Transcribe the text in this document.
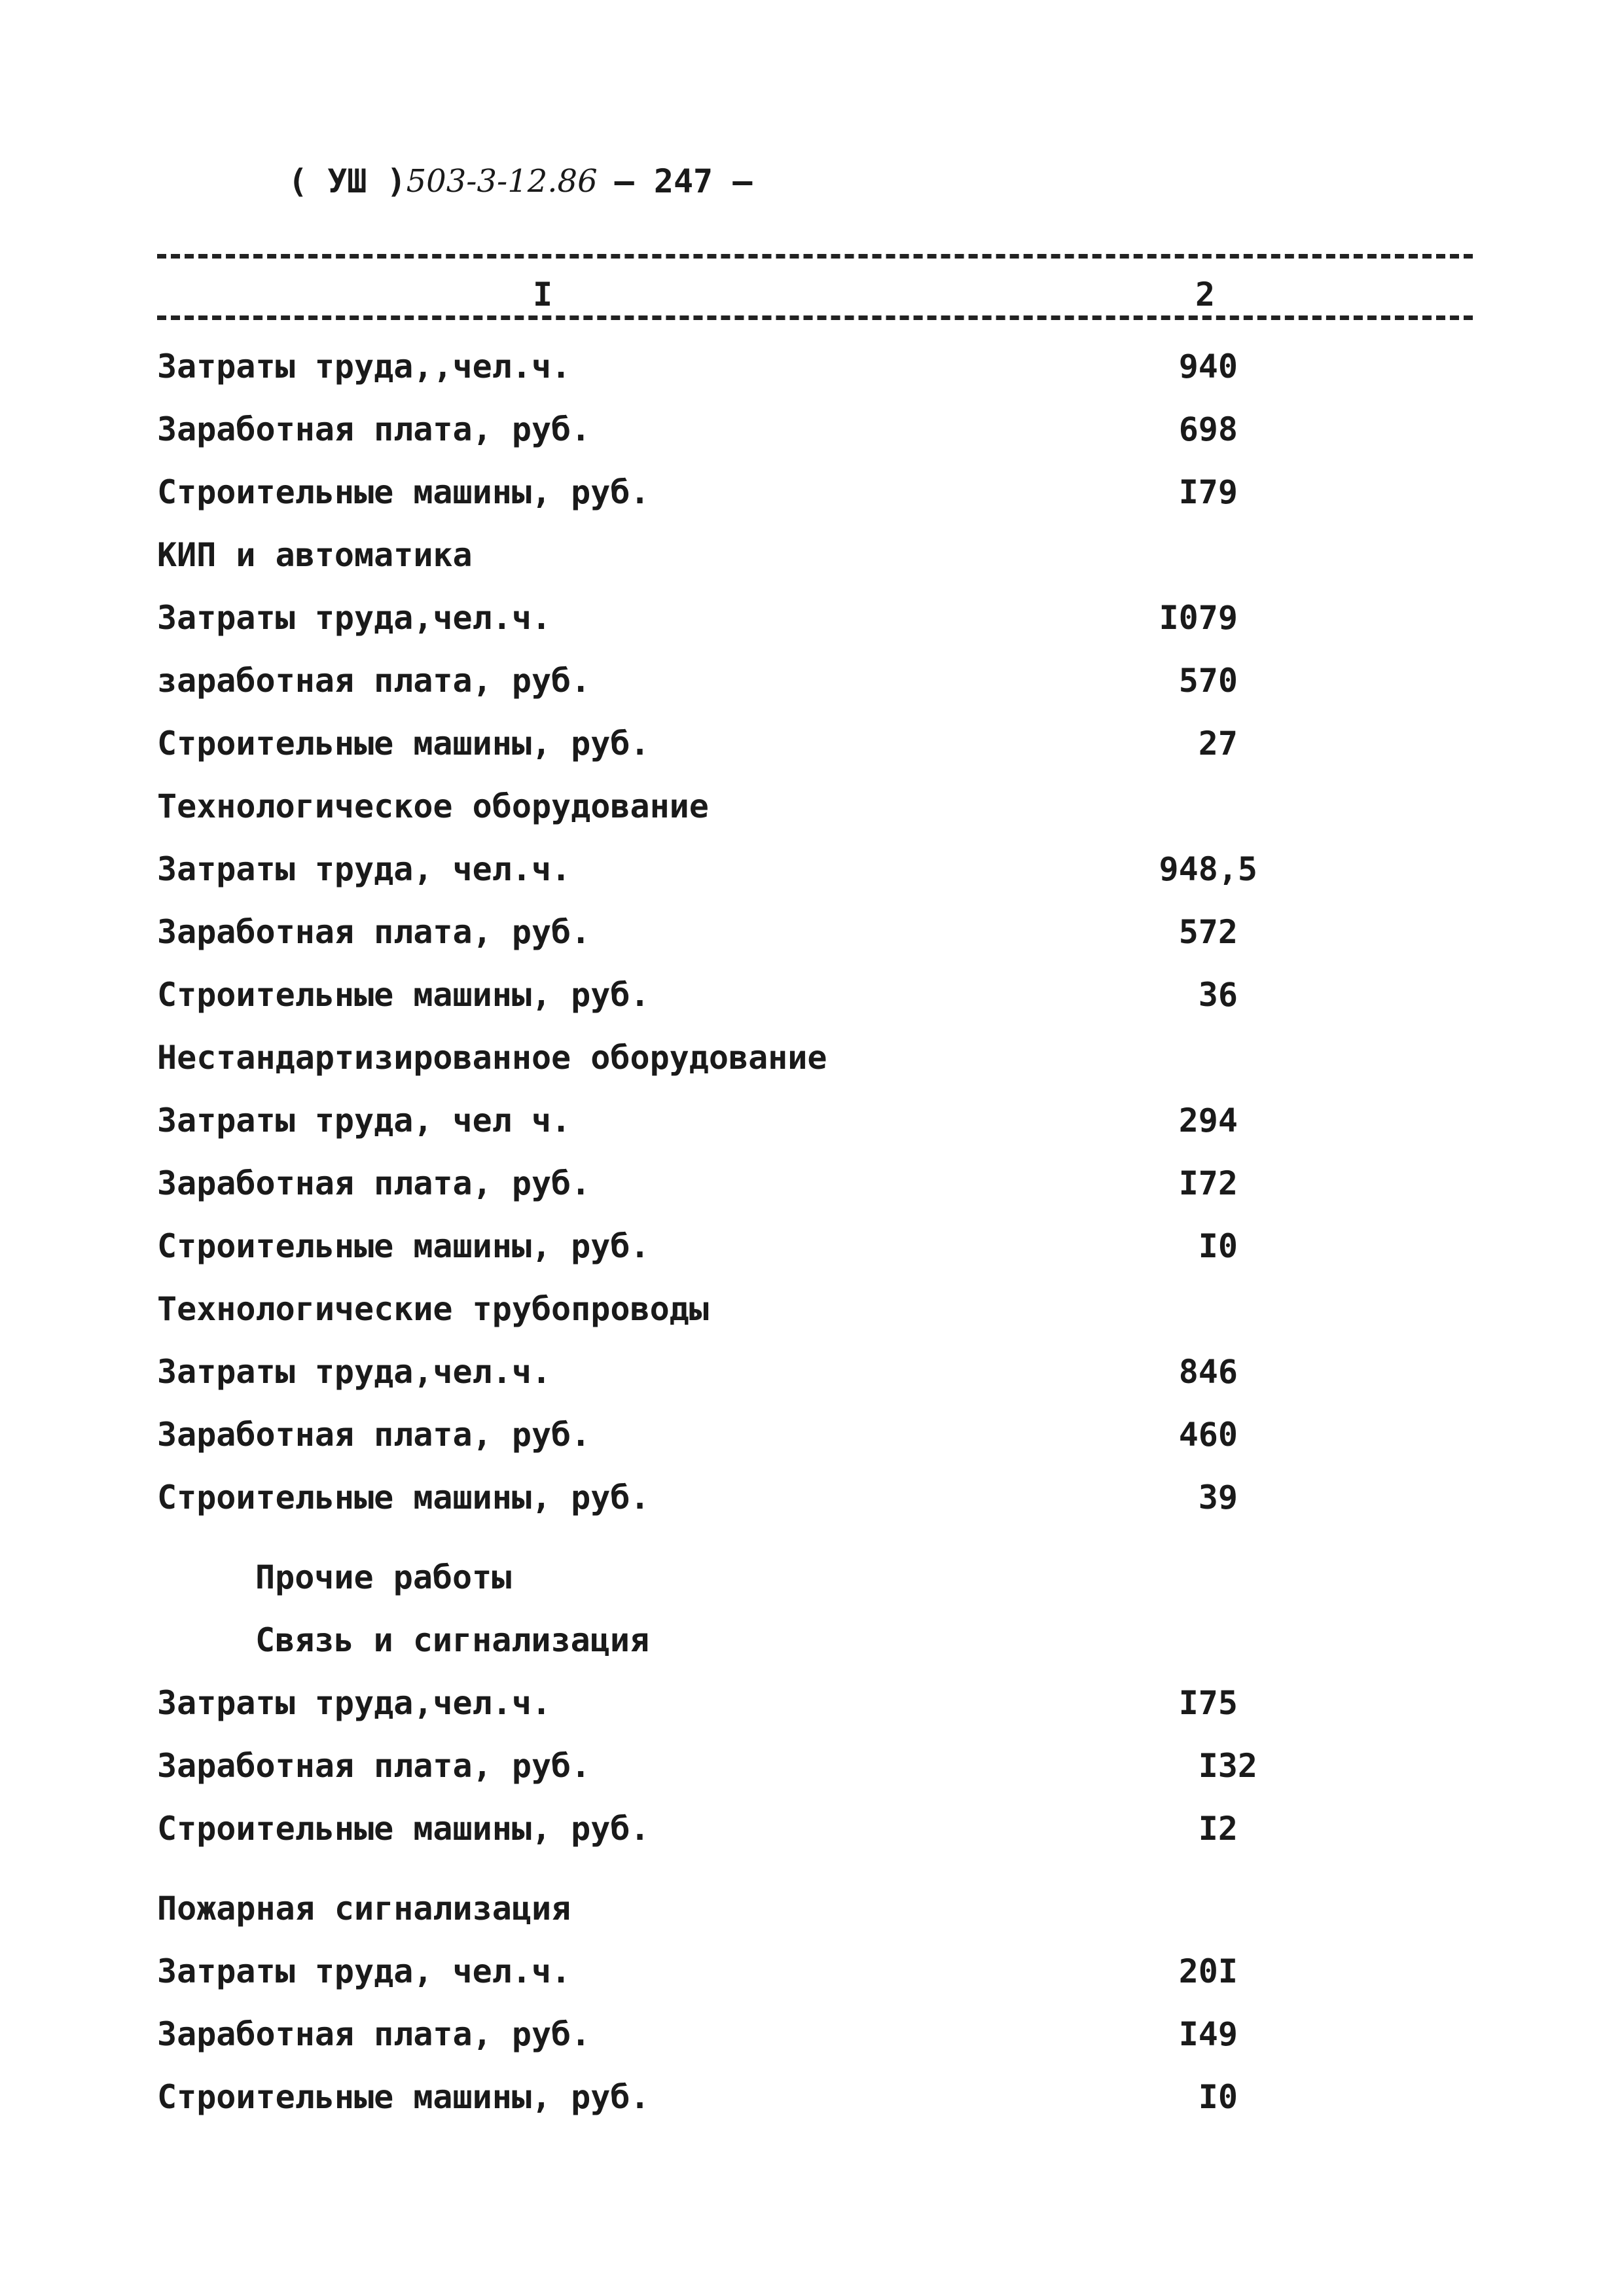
( УШ )503-3-12.86 – 247 –
I	2
Затраты труда,,чел.ч.	940
Заработная плата, руб.	698
Строительные машины, руб.	I79
КИП и автоматика
Затраты труда,чел.ч.	I079
заработная плата, руб.	570
Строительные машины, руб.	27
Технологическое оборудование
Затраты труда, чел.ч.	948,5
Заработная плата, руб.	572
Строительные машины, руб.	36
Нестандартизированное оборудование
Затраты труда, чел ч.	294
Заработная плата, руб.	I72
Строительные машины, руб.	I0
Технологические трубопроводы
Затраты труда,чел.ч.	846
Заработная плата, руб.	460
Строительные машины, руб.	39
Прочие работы
Связь и сигнализация
Затраты труда,чел.ч.	I75
Заработная плата, руб.	I32
Строительные машины, руб.	I2
Пожарная сигнализация
Затраты труда, чел.ч.	20I
Заработная плата, руб.	I49
Строительные машины, руб.	I0
